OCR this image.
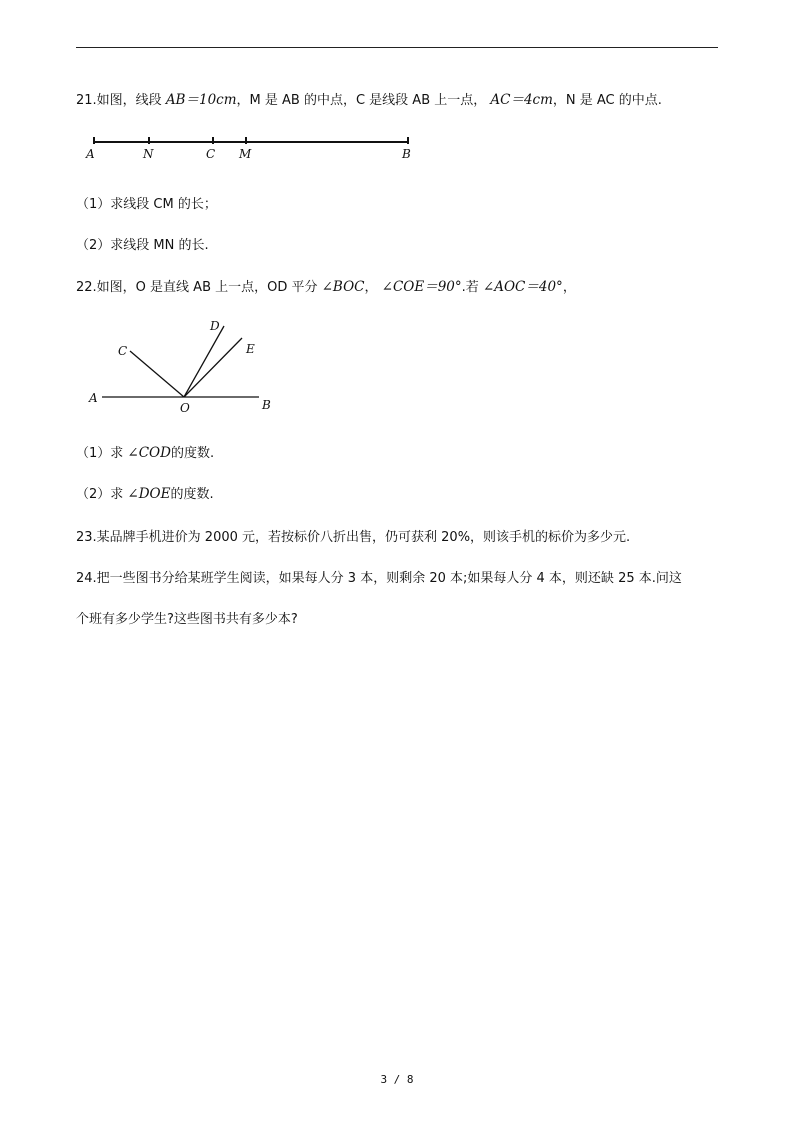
21.如图，线段 AB＝10cm，M 是 AB 的中点，C 是线段 AB 上一点， AC＝4cm，N 是 AC 的中点.
A	N	C M	B
（1）求线段 CM 的长；
（2）求线段 MN 的长.
22.如图，O 是直线 AB 上一点，OD 平分 ∠BOC， ∠COE＝90°.若 ∠AOC＝40°，
A
O	B
C
D
E
（1）求 ∠COD的度数.
（2）求 ∠DOE的度数.
23.某品牌手机进价为 2000 元，若按标价八折出售，仍可获利 20%，则该手机的标价为多少元.
24.把一些图书分给某班学生阅读，如果每人分 3 本，则剩余 20 本;如果每人分 4 本，则还缺 25 本.问这
个班有多少学生?这些图书共有多少本?
3 / 8
